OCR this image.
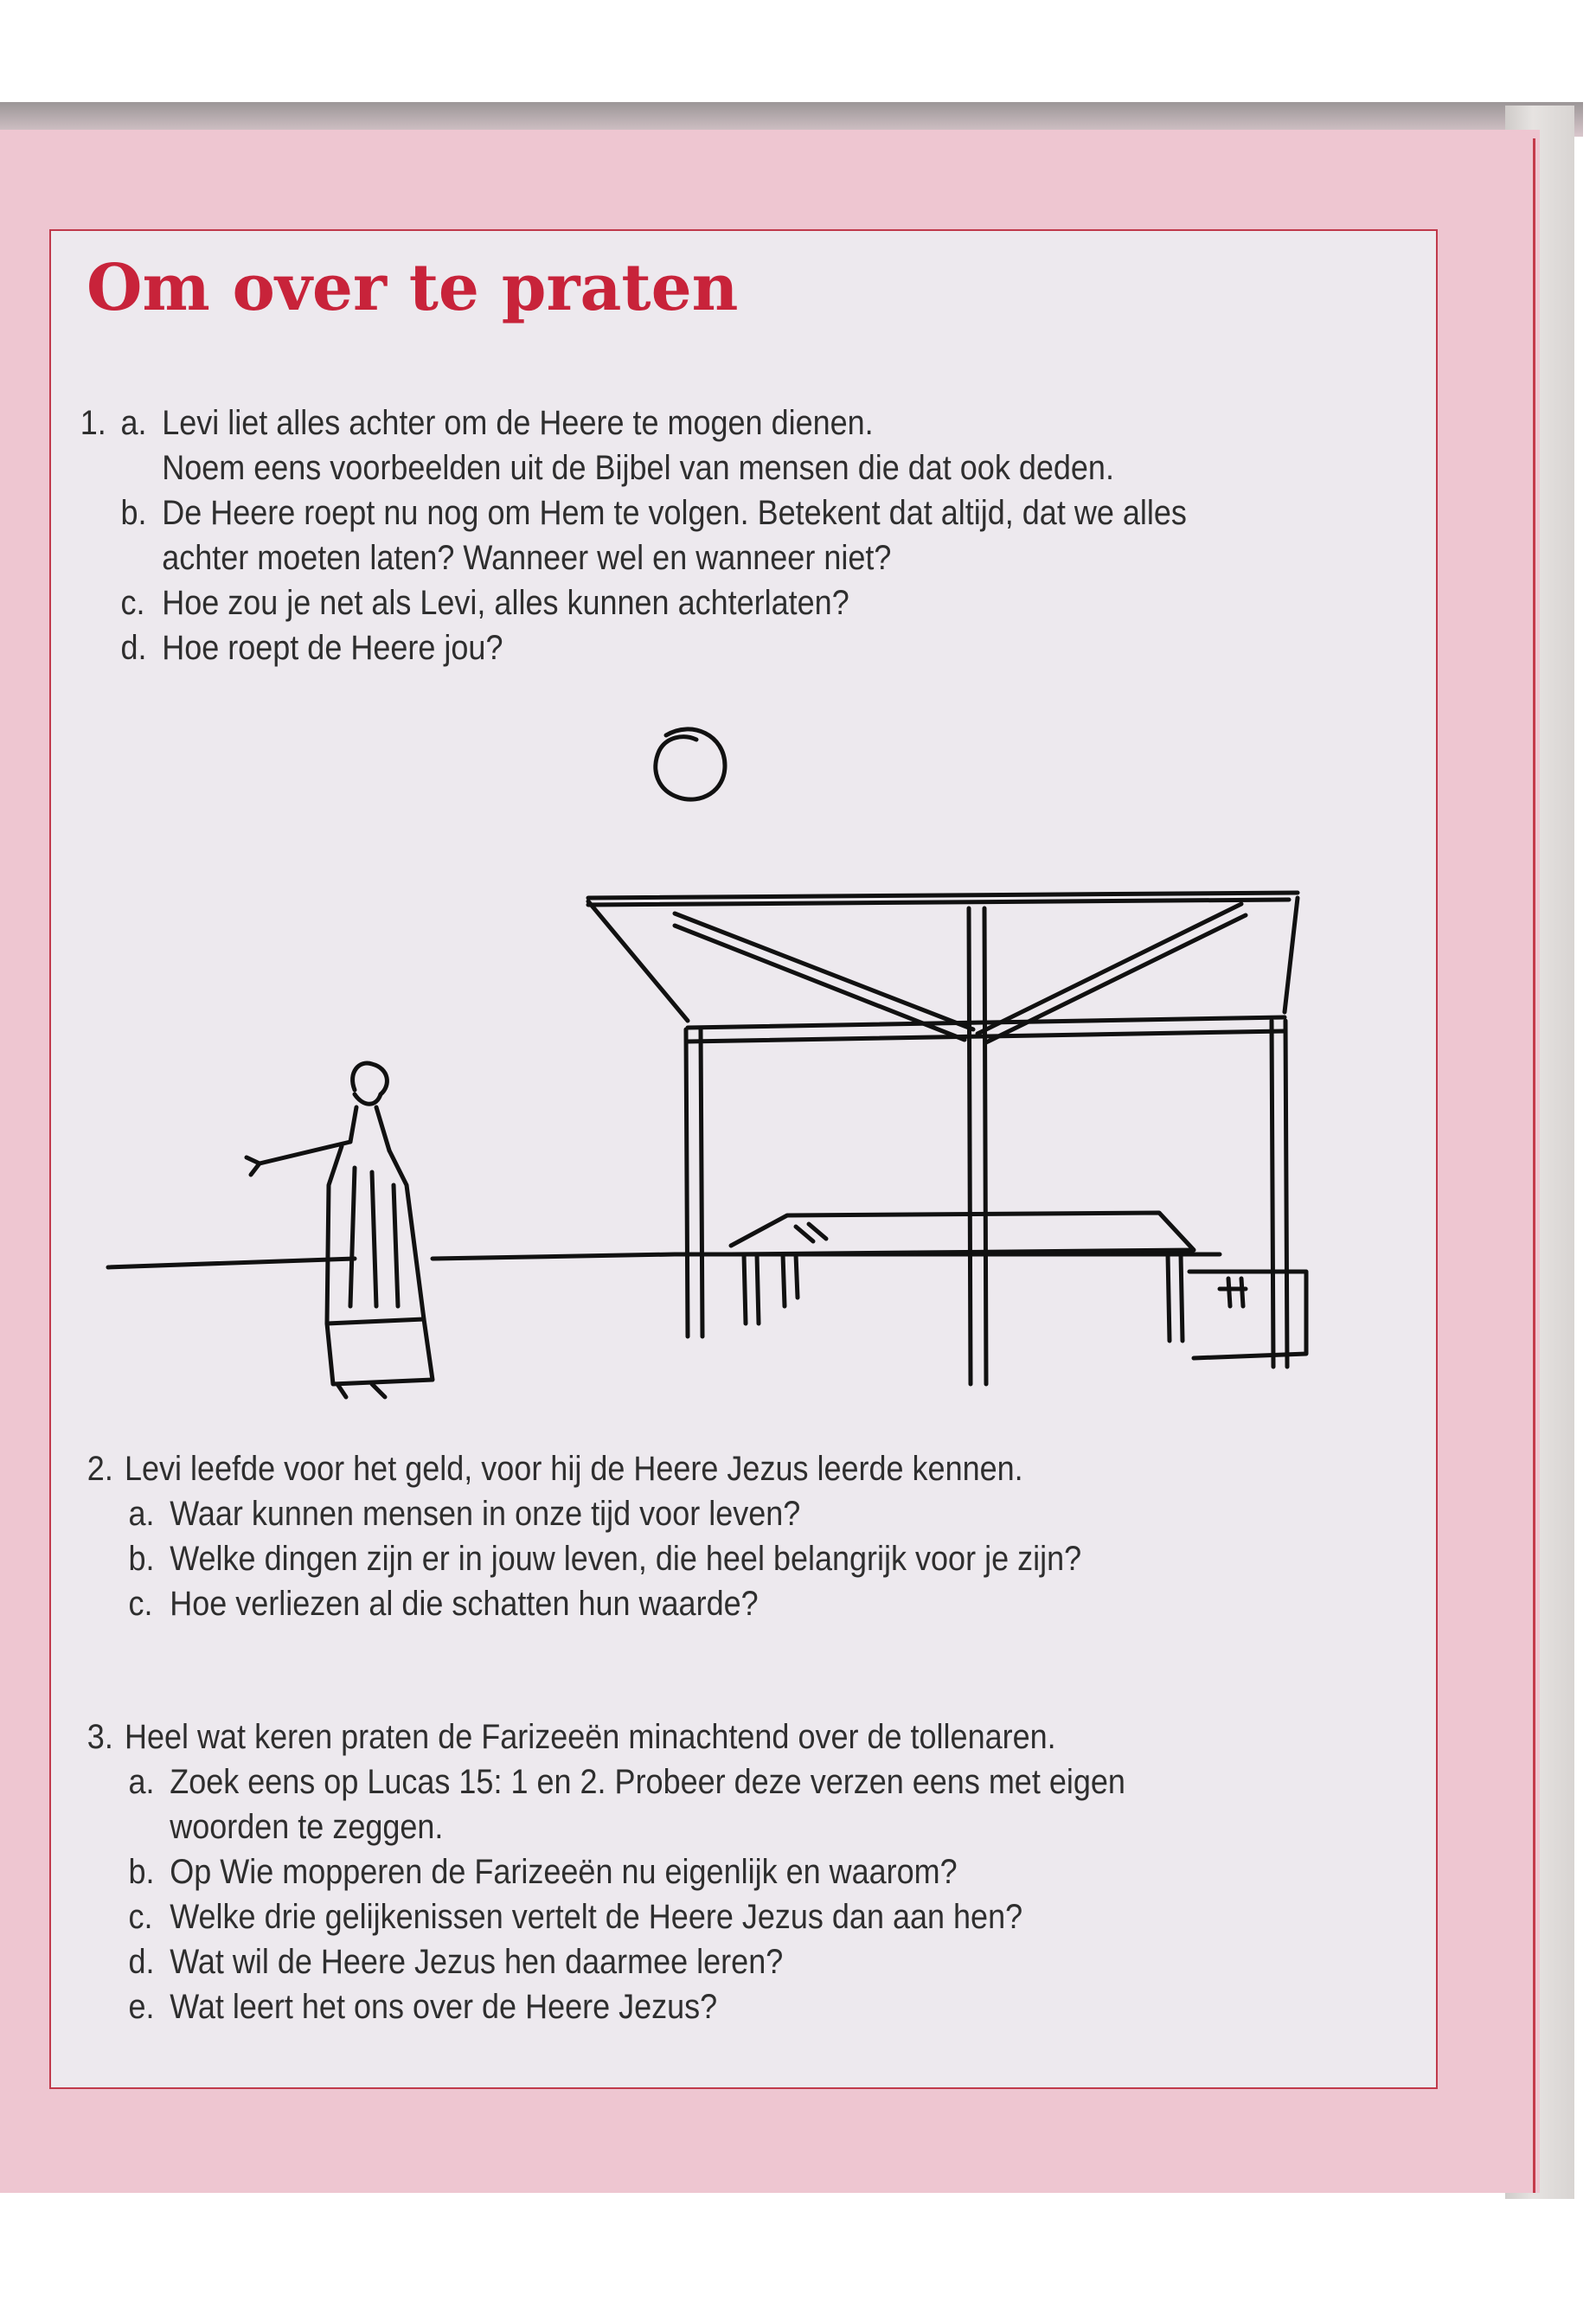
Om over te praten
1. a. Levi liet alles achter om de Heere te mogen dienen.
Noem eens voorbeelden uit de Bijbel van mensen die dat ook deden.
b. De Heere roept nu nog om Hem te volgen. Betekent dat altijd, dat we alles
achter moeten laten? Wanneer wel en wanneer niet?
c. Hoe zou je net als Levi, alles kunnen achterlaten?
d. Hoe roept de Heere jou?
2. Levi leefde voor het geld, voor hij de Heere Jezus leerde kennen.
a. Waar kunnen mensen in onze tijd voor leven?
b. Welke dingen zijn er in jouw leven, die heel belangrijk voor je zijn?
c. Hoe verliezen al die schatten hun waarde?
3. Heel wat keren praten de Farizeeën minachtend over de tollenaren.
a. Zoek eens op Lucas 15: 1 en 2. Probeer deze verzen eens met eigen
woorden te zeggen.
b. Op Wie mopperen de Farizeeën nu eigenlijk en waarom?
c. Welke drie gelijkenissen vertelt de Heere Jezus dan aan hen?
d. Wat wil de Heere Jezus hen daarmee leren?
e. Wat leert het ons over de Heere Jezus?
